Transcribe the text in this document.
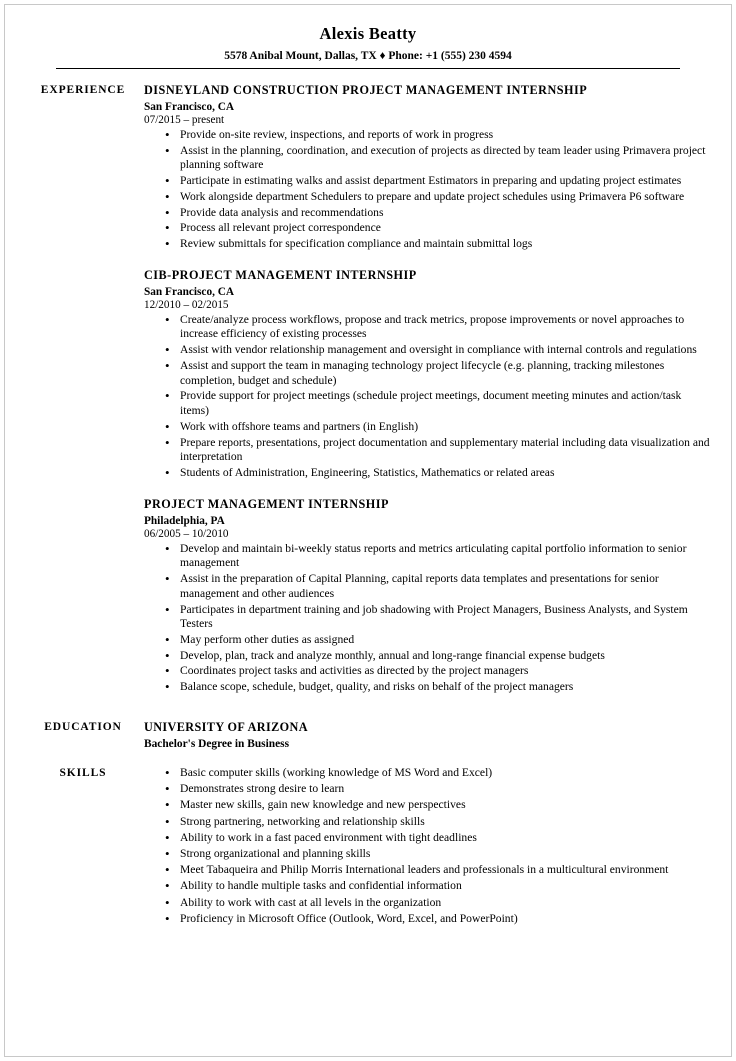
Alexis Beatty
5578 Anibal Mount, Dallas, TX ♦ Phone: +1 (555) 230 4594
EXPERIENCE	DISNEYLAND CONSTRUCTION PROJECT MANAGEMENT INTERNSHIP
San Francisco, CA
07/2015 – present
• Provide on-site review, inspections, and reports of work in progress
• Assist in the planning, coordination, and execution of projects as directed by team leader using Primavera project planning software
• Participate in estimating walks and assist department Estimators in preparing and updating project estimates
• Work alongside department Schedulers to prepare and update project schedules using Primavera P6 software
• Provide data analysis and recommendations
• Process all relevant project correspondence
• Review submittals for specification compliance and maintain submittal logs
CIB-PROJECT MANAGEMENT INTERNSHIP
San Francisco, CA
12/2010 – 02/2015
• Create/analyze process workflows, propose and track metrics, propose improvements or novel approaches to increase efficiency of existing processes
• Assist with vendor relationship management and oversight in compliance with internal controls and regulations
• Assist and support the team in managing technology project lifecycle (e.g. planning, tracking milestones completion, budget and schedule)
• Provide support for project meetings (schedule project meetings, document meeting minutes and action/task items)
• Work with offshore teams and partners (in English)
• Prepare reports, presentations, project documentation and supplementary material including data visualization and interpretation
• Students of Administration, Engineering, Statistics, Mathematics or related areas
PROJECT MANAGEMENT INTERNSHIP
Philadelphia, PA
06/2005 – 10/2010
• Develop and maintain bi-weekly status reports and metrics articulating capital portfolio information to senior management
• Assist in the preparation of Capital Planning, capital reports data templates and presentations for senior management and other audiences
• Participates in department training and job shadowing with Project Managers, Business Analysts, and System Testers
• May perform other duties as assigned
• Develop, plan, track and analyze monthly, annual and long-range financial expense budgets
• Coordinates project tasks and activities as directed by the project managers
• Balance scope, schedule, budget, quality, and risks on behalf of the project managers
EDUCATION	UNIVERSITY OF ARIZONA
Bachelor's Degree in Business
SKILLS	• Basic computer skills (working knowledge of MS Word and Excel)
• Demonstrates strong desire to learn
• Master new skills, gain new knowledge and new perspectives
• Strong partnering, networking and relationship skills
• Ability to work in a fast paced environment with tight deadlines
• Strong organizational and planning skills
• Meet Tabaqueira and Philip Morris International leaders and professionals in a multicultural environment
• Ability to handle multiple tasks and confidential information
• Ability to work with cast at all levels in the organization
• Proficiency in Microsoft Office (Outlook, Word, Excel, and PowerPoint)
